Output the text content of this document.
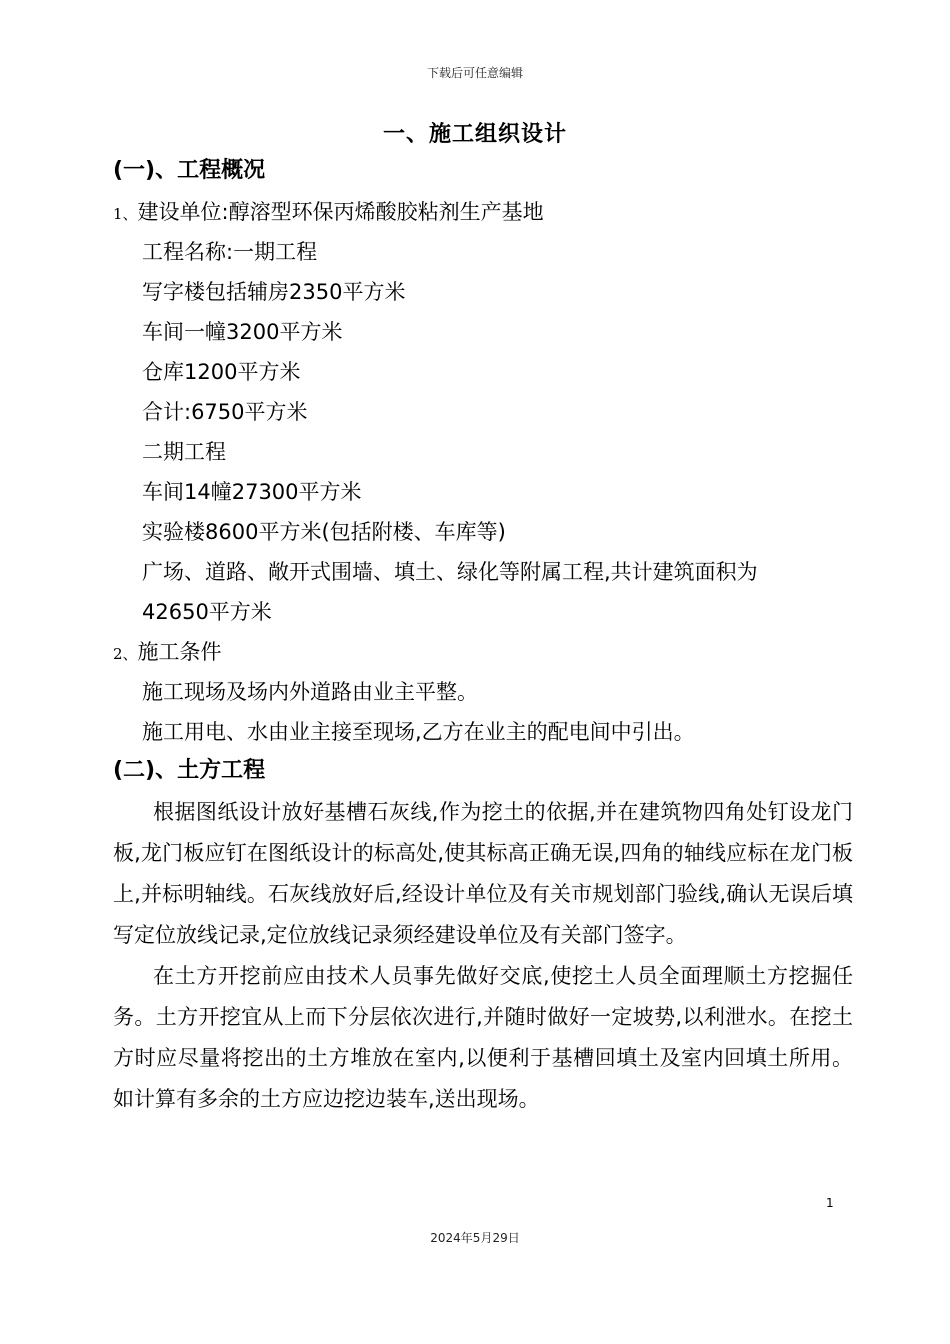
下载后可任意编辑
一、施工组织设计
(一)、工程概况
1、建设单位:醇溶型环保丙烯酸胶粘剂生产基地
工程名称:一期工程
写字楼包括辅房2350平方米
车间一幢3200平方米
仓库1200平方米
合计:6750平方米
二期工程
车间14幢27300平方米
实验楼8600平方米(包括附楼、车库等)
广场、道路、敞开式围墙、填土、绿化等附属工程,共计建筑面积为
42650平方米
2、施工条件
施工现场及场内外道路由业主平整。
施工用电、水由业主接至现场,乙方在业主的配电间中引出。
(二)、土方工程

根据图纸设计放好基槽石灰线,作为挖土的依据,并在建筑物四角处钉设龙门板,龙门板应钉在图纸设计的标高处,使其标高正确无误,四角的轴线应标在龙门板上,并标明轴线。石灰线放好后,经设计单位及有关市规划部门验线,确认无误后填写定位放线记录,定位放线记录须经建设单位及有关部门签字。

在土方开挖前应由技术人员事先做好交底,使挖土人员全面理顺土方挖掘任务。土方开挖宜从上而下分层依次进行,并随时做好一定坡势,以利泄水。在挖土方时应尽量将挖出的土方堆放在室内,以便利于基槽回填土及室内回填土所用。如计算有多余的土方应边挖边装车,送出现场。

1
2024年5月29日
